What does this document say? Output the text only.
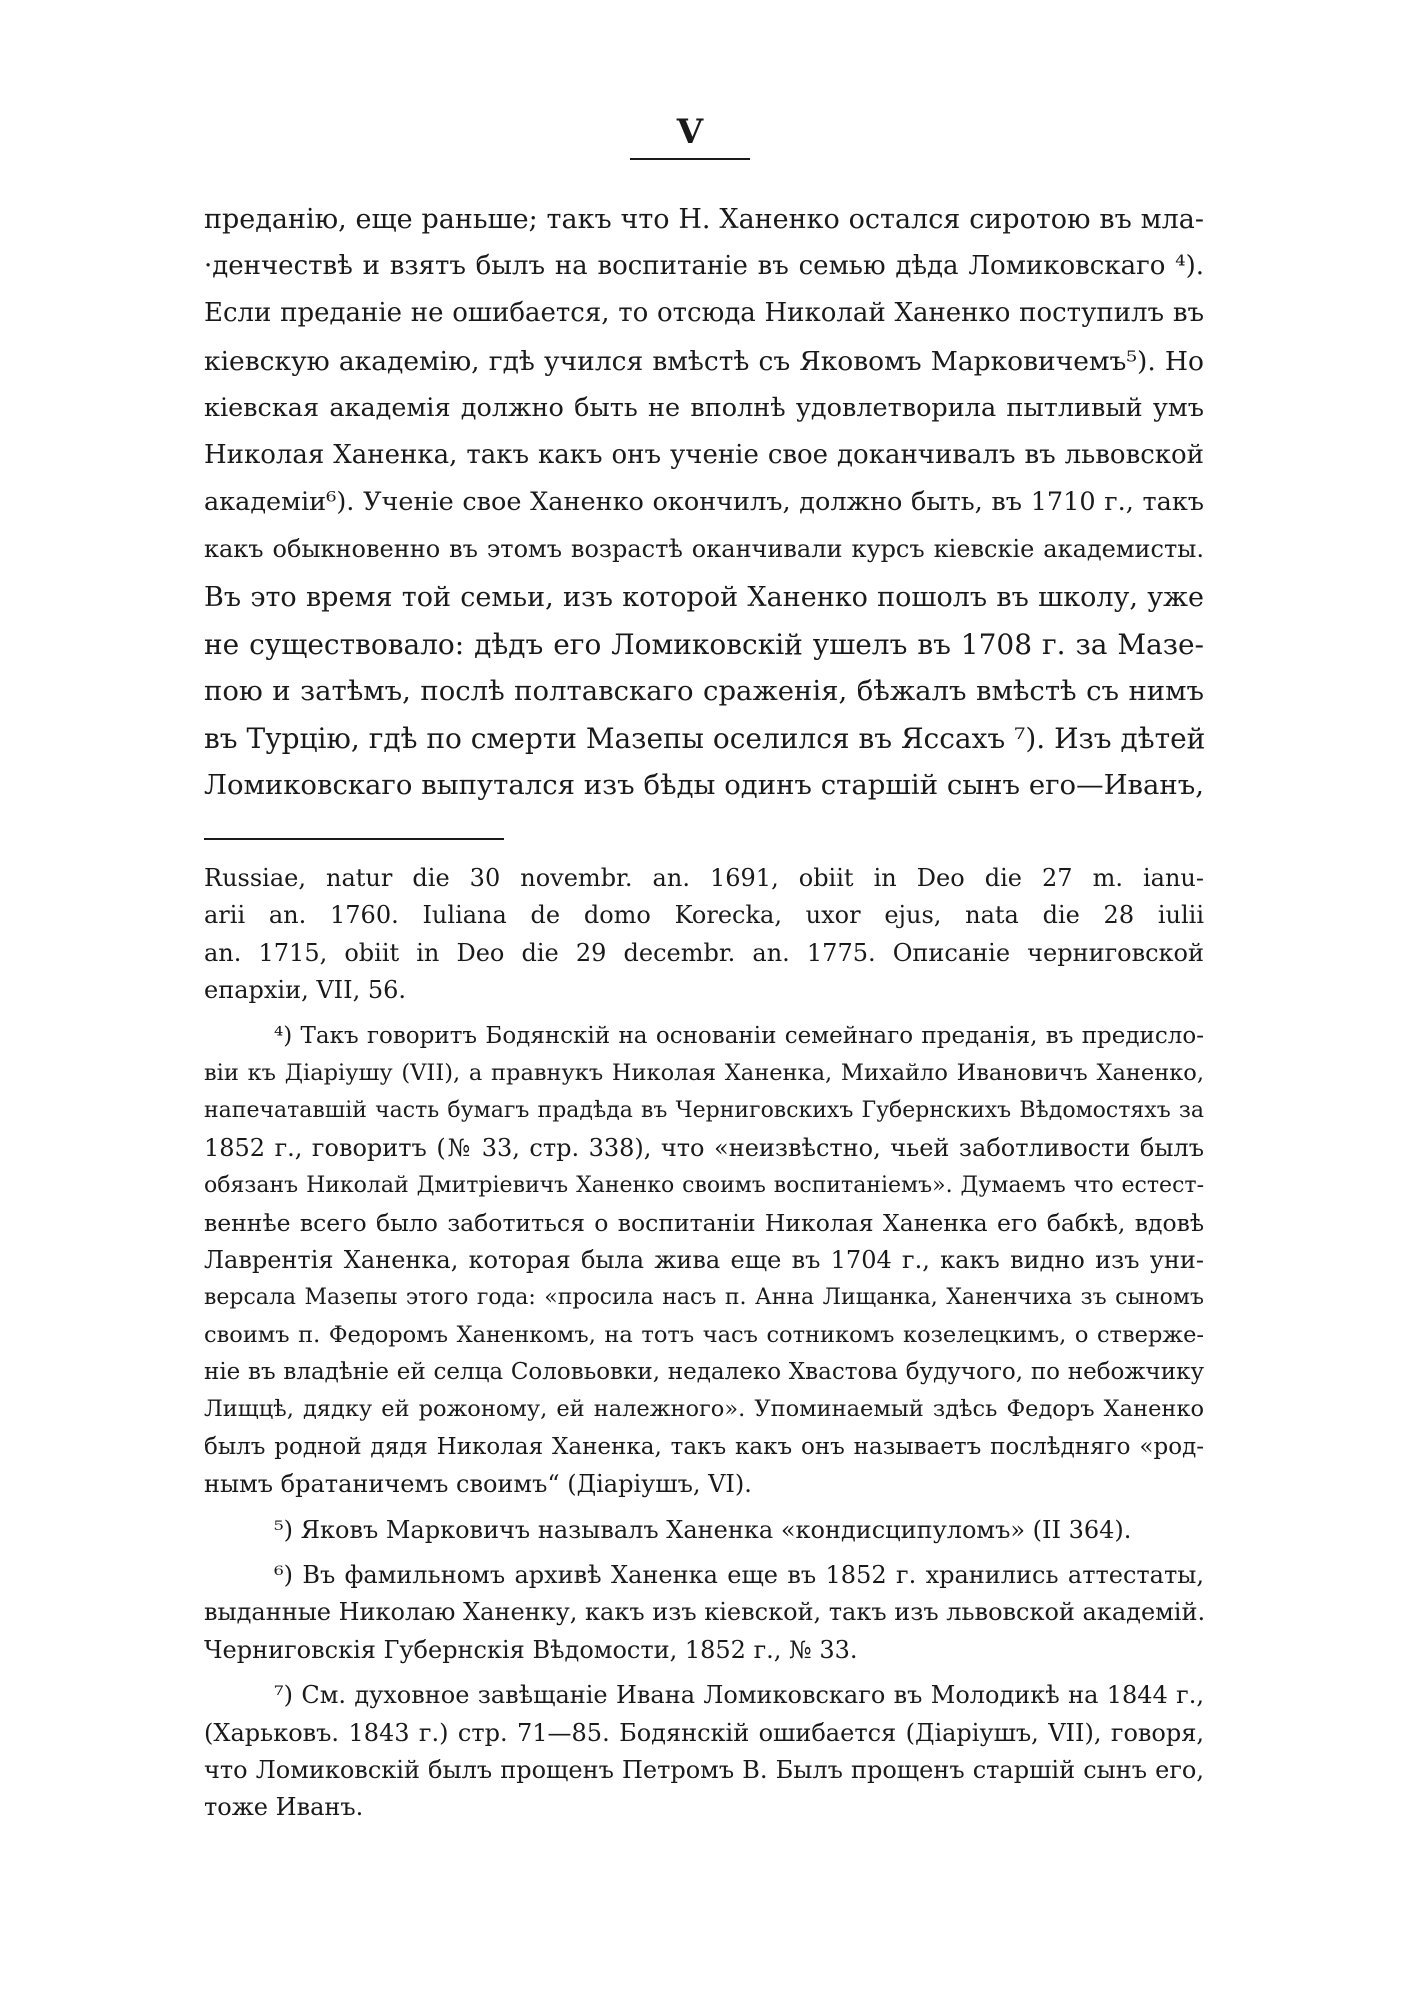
V
преданію, еще раньше; такъ что Н. Ханенко остался сиротою въ мла-
·денчествѣ и взятъ былъ на воспитаніе въ семью дѣда Ломиковскаго ⁴).
Если преданіе не ошибается, то отсюда Николай Ханенко поступилъ въ
кіевскую академію, гдѣ учился вмѣстѣ съ Яковомъ Марковичемъ⁵). Но
кіевская академія должно быть не вполнѣ удовлетворила пытливый умъ
Николая Ханенка, такъ какъ онъ ученіе свое доканчивалъ въ львовской
академіи⁶). Ученіе свое Ханенко окончилъ, должно быть, въ 1710 г., такъ
какъ обыкновенно въ этомъ возрастѣ оканчивали курсъ кіевскіе академисты.
Въ это время той семьи, изъ которой Ханенко пошолъ въ школу, уже
не существовало: дѣдъ его Ломиковскій ушелъ въ 1708 г. за Мазе-
пою и затѣмъ, послѣ полтавскаго сраженія, бѣжалъ вмѣстѣ съ нимъ
въ Турцію, гдѣ по смерти Мазепы оселился въ Яссахъ ⁷). Изъ дѣтей
Ломиковскаго выпутался изъ бѣды одинъ старшій сынъ его—Иванъ,
Russiae, natur die 30 novembr. an. 1691, obiit in Deo die 27 m. ianu-
arii an. 1760. Iuliana de domo Korecka, uxor ejus, nata die 28 iulii
an. 1715, obiit in Deo die 29 decembr. an. 1775. Описаніе черниговской
епархіи, VII, 56.
⁴) Такъ говоритъ Бодянскій на основаніи семейнаго преданія, въ предисло-
віи къ Діаріушу (VII), а правнукъ Николая Ханенка, Михайло Ивановичъ Ханенко,
напечатавшій часть бумагъ прадѣда въ Черниговскихъ Губернскихъ Вѣдомостяхъ за
1852 г., говоритъ (№ 33, стр. 338), что «неизвѣстно, чьей заботливости былъ
обязанъ Николай Дмитріевичъ Ханенко своимъ воспитаніемъ». Думаемъ что естест-
веннѣе всего было заботиться о воспитаніи Николая Ханенка его бабкѣ, вдовѣ
Лаврентія Ханенка, которая была жива еще въ 1704 г., какъ видно изъ уни-
версала Мазепы этого года: «просила насъ п. Анна Лищанка, Ханенчиха зъ сыномъ
своимъ п. Федоромъ Ханенкомъ, на тотъ часъ сотникомъ козелецкимъ, о стверже-
ніе въ владѣніе ей селца Соловьовки, недалеко Хвастова будучого, по небожчику
Лищцѣ, дядку ей рожоному, ей належного». Упоминаемый здѣсь Федоръ Ханенко
былъ родной дядя Николая Ханенка, такъ какъ онъ называетъ послѣдняго «род-
нымъ братаничемъ своимъ“ (Діаріушъ, VI).
⁵) Яковъ Марковичъ называлъ Ханенка «кондисципуломъ» (II 364).
⁶) Въ фамильномъ архивѣ Ханенка еще въ 1852 г. хранились аттестаты,
выданные Николаю Ханенку, какъ изъ кіевской, такъ изъ львовской академій.
Черниговскія Губернскія Вѣдомости, 1852 г., № 33.
⁷) См. духовное завѣщаніе Ивана Ломиковскаго въ Молодикѣ на 1844 г.,
(Харьковъ. 1843 г.) стр. 71—85. Бодянскій ошибается (Діаріушъ, VII), говоря,
что Ломиковскій былъ прощенъ Петромъ В. Былъ прощенъ старшій сынъ его,
тоже Иванъ.
